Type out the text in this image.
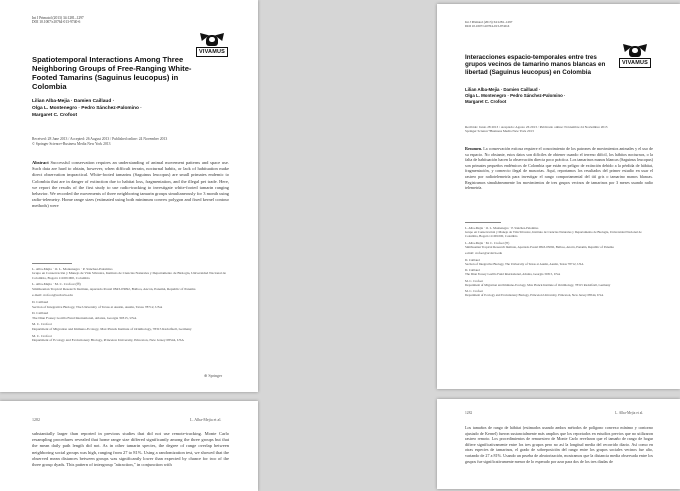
Int J Primatol (2013) 34:1281–1297
DOI 10.1007/s10764-013-9740-6
VIVAMUS
Spatiotemporal Interactions Among Three Neighboring Groups of Free-Ranging White-Footed Tamarins (Saguinus leucopus) in Colombia
Lilian Alba-Mejia · Damien Caillaud ·
Olga L. Montenegro · Pedro Sánchez-Palomino ·
Margaret C. Crofoot
Received: 28 June 2013 / Accepted: 26 August 2013 / Published online: 24 November 2013
© Springer Science+Business Media New York 2013
Abstract Successful conservation requires an understanding of animal movement patterns and space use. Such data are hard to obtain, however, when difficult terrain, nocturnal habits, or lack of habituation make direct observation impractical. White-footed tamarins (Saguinus leucopus) are small primates endemic to Colombia that are in danger of extinction due to habitat loss, fragmentation, and the illegal pet trade. Here, we report the results of the first study to use radio-tracking to investigate white-footed tamarin ranging behavior. We recorded the movements of three neighboring tamarin groups simultaneously for 3 month using radio-telemetry. Home range sizes (estimated using both minimum convex polygon and fixed kernel contour methods) were

L. Alba-Mejia · O. L. Montenegro · P. Sánchez-Palomino

Grupo en Conservación y Manejo de Vida Silvestre, Instituto de Ciencias Naturales y Departamento de Biología, Universidad Nacional de Colombia, Bogotá 111001000, Colombia

L. Alba-Mejia · M. C. Crofoot (✉)

Smithsonian Tropical Research Institute, Apartado Postal 0843-03092, Balboa, Ancón, Panamá, Republic of Panama

e-mail: crofoot@ucdavis.edu

D. Caillaud

Section of Integrative Biology, The University of Texas at Austin, Austin, Texas 78712, USA

D. Caillaud

The Dian Fossey Gorilla Fund International, Atlanta, Georgia 30315, USA

M. C. Crofoot

Department of Migration and Immuno-Ecology, Max Planck Institute of Ornithology, 78315 Radolfzell, Germany

M. C. Crofoot

Department of Ecology and Evolutionary Biology, Princeton University, Princeton, New Jersey 08544, USA

⊕ Springer
1282	L. Alba-Mejia et al.
substantially larger than reported in previous studies that did not use remote-tracking. Monte Carlo resampling procedures revealed that home range size differed significantly among the three groups but that the mean daily path length did not. As in other tamarin species, the degree of range overlap between neighboring social groups was high, ranging from 27 to 81%. Using a randomization test, we showed that the observed mean distances between groups was significantly lower than expected by chance for two of the three group dyads. This pattern of intergroup "attraction," in conjunction with
Int J Primatol (2013) 34:1281–1297
DOI 10.1007/s10764-013-9740-6
VIVAMUS
Interacciones espacio-temporales entre tres grupos vecinos de tamarino manos blancas en libertad (Saguinus leucopus) en Colombia
Lilian Alba-Mejia · Damien Caillaud ·
Olga L. Montenegro · Pedro Sánchez-Palomino ·
Margaret C. Crofoot
Recibido: Junio 28 2013 / Aceptado: Agosto 26 2013 / Publicado online: Noviembre 24 Noviembre 2013
Springer Science+Business Media New York 2013
Resumen. La conservación exitosa requiere el conocimiento de los patrones de movimientos animales y el uso de su espacio. No obstante, estos datos son difíciles de obtener cuando el terreno difícil, los hábitos nocturnos, o la falta de habituación hacen la observación directa poco práctica. Los tamarinos manos blancas (Saguinus leucopus) son primates pequeños endémicos de Colombia que están en peligro de extinción debido a la pérdida de hábitat, fragmentación, y comercio ilegal de mascotas. Aquí, reportamos los resultados del primer estudio en usar el rastreo por radiotelemetría para investigar el rango comportamental del tití gris o tamarino manos blancas. Registramos simultáneamente los movimientos de tres grupos vecinos de tamarinos por 3 meses usando radio telemetría.

L. Alba-Mejia · O. L. Montenegro · P. Sánchez-Palomino

Grupo en Conservación y Manejo de Vida Silvestre, Instituto de Ciencias Naturales y Departamento de Biología, Universidad Nacional de Colombia, Bogotá 111001000, Colombia

L. Alba-Mejia · M. C. Crofoot (✉)

Smithsonian Tropical Research Institute, Apartado Postal 0843-03092, Balboa, Ancón, Panamá, Republic of Panama

e-mail: crofoot@ucdavis.edu

D. Caillaud

Section of Integrative Biology, The University of Texas at Austin, Austin, Texas 78712, USA

D. Caillaud

The Dian Fossey Gorilla Fund International, Atlanta, Georgia 30315, USA

M. C. Crofoot

Department of Migration and Immuno-Ecology, Max Planck Institute of Ornithology, 78315 Radolfzell, Germany

M. C. Crofoot

Department of Ecology and Evolutionary Biology, Princeton University, Princeton, New Jersey 08544, USA

1282	L. Alba-Mejia et al.
Los tamaños de rango de hábitat (estimados usando ambos métodos de polígono convexo mínimo y contorno ajustado de Kernel) fueron sustancialmente más amplios que los reportados en estudios previos que no utilizaron rastreo remoto. Los procedimientos de remuestreo de Monte Carlo revelaron que el tamaño de rango de hogar difiere significativamente entre los tres grupos pero no así la longitud media del recorrido diario. Así como en otras especies de tamarinos, el grado de sobreposición del rango entre los grupos sociales vecinos fue alto, variando de 27 a 81%. Usando un prueba de aleatorización, mostramos que la distancia media observada entre los grupos fue significativamente menor de lo esperado por azar para dos de los tres diadas de
